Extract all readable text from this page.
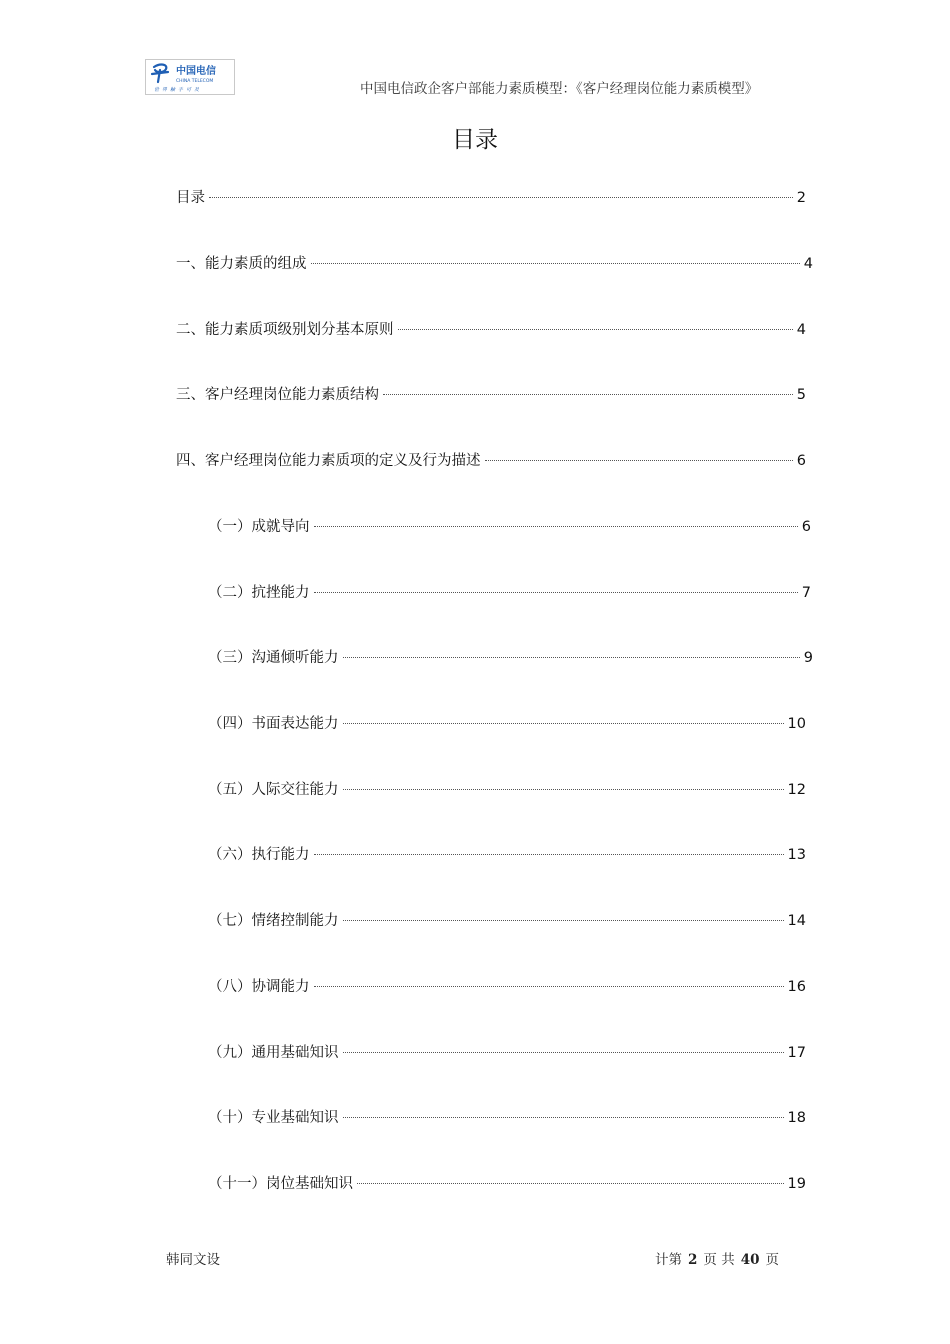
中国电信
CHINA TELECOM
世界触手可及	中国电信政企客户部能力素质模型：《客户经理岗位能力素质模型》
目录
目录	2
一、能力素质的组成	4
二、能力素质项级别划分基本原则	4
三、客户经理岗位能力素质结构	5
四、客户经理岗位能力素质项的定义及行为描述	6
（一）成就导向	6
（二）抗挫能力	7
（三）沟通倾听能力	9
（四）书面表达能力	10
（五）人际交往能力	12
（六）执行能力	13
（七）情绪控制能力	14
（八）协调能力	16
（九）通用基础知识	17
（十）专业基础知识	18
（十一）岗位基础知识	19
韩同文设	计第 2 页 共 40 页
